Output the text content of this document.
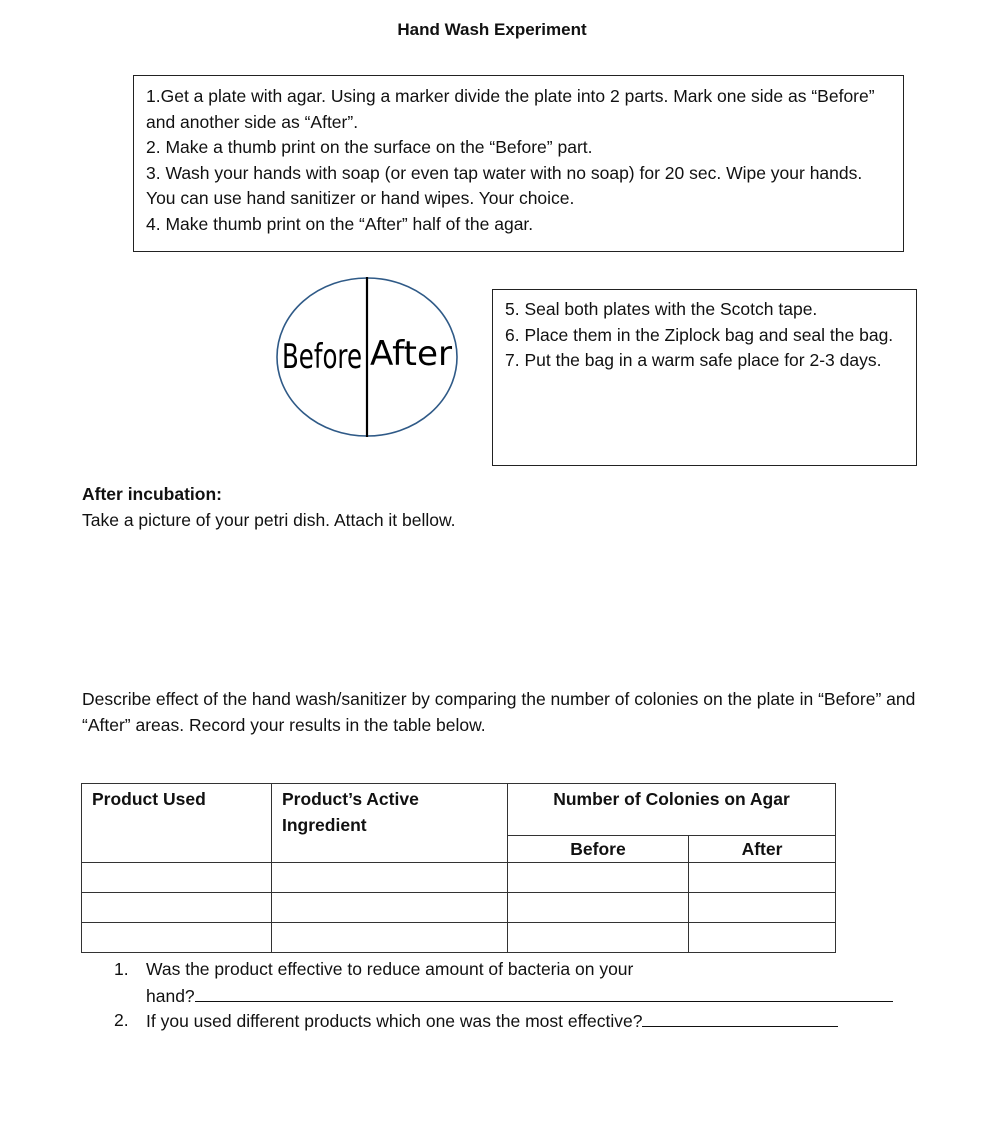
Hand Wash Experiment
1.Get a plate with agar. Using a marker divide the plate into 2 parts. Mark one side as “Before” and another side as “After”.
2. Make a thumb print on the surface on the “Before” part.
3. Wash your hands with soap (or even tap water with no soap) for 20 sec. Wipe your hands. You can use hand sanitizer or hand wipes. Your choice.
4. Make thumb print on the “After” half of the agar.
Before After
5. Seal both plates with the Scotch tape.
6. Place them in the Ziplock bag and seal the bag.
7. Put the bag in a warm safe place for 2-3 days.
After incubation:
Take a picture of your petri dish. Attach it bellow.
Describe effect of the hand wash/sanitizer by comparing the number of colonies on the plate in “Before” and “After” areas. Record your results in the table below.
Product Used	Product’s Active Ingredient	Number of Colonies on Agar	
		Before	After

1. Was the product effective to reduce amount of bacteria on your
hand?
2. If you used different products which one was the most effective?
